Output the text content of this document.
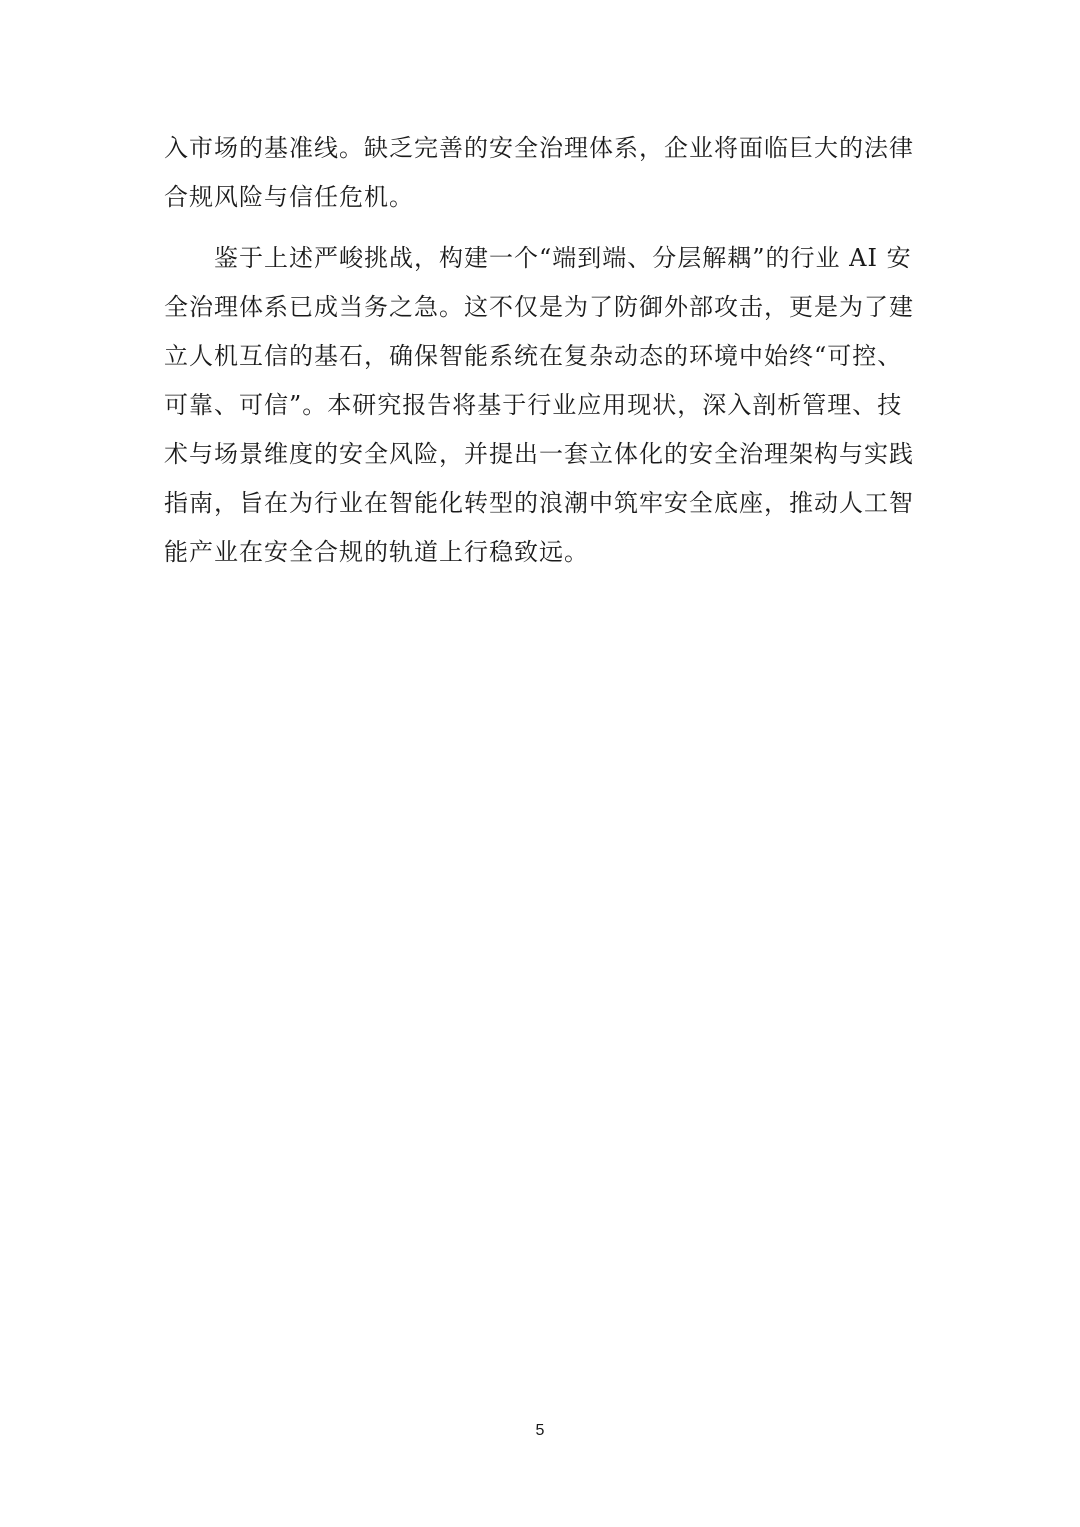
入市场的基准线。缺乏完善的安全治理体系，企业将面临巨大的法律
合规风险与信任危机。
鉴于上述严峻挑战，构建一个“端到端、分层解耦”的行业 AI 安
全治理体系已成当务之急。这不仅是为了防御外部攻击，更是为了建
立人机互信的基石，确保智能系统在复杂动态的环境中始终“可控、
可靠、可信”。本研究报告将基于行业应用现状，深入剖析管理、技
术与场景维度的安全风险，并提出一套立体化的安全治理架构与实践
指南，旨在为行业在智能化转型的浪潮中筑牢安全底座，推动人工智
能产业在安全合规的轨道上行稳致远。
5
